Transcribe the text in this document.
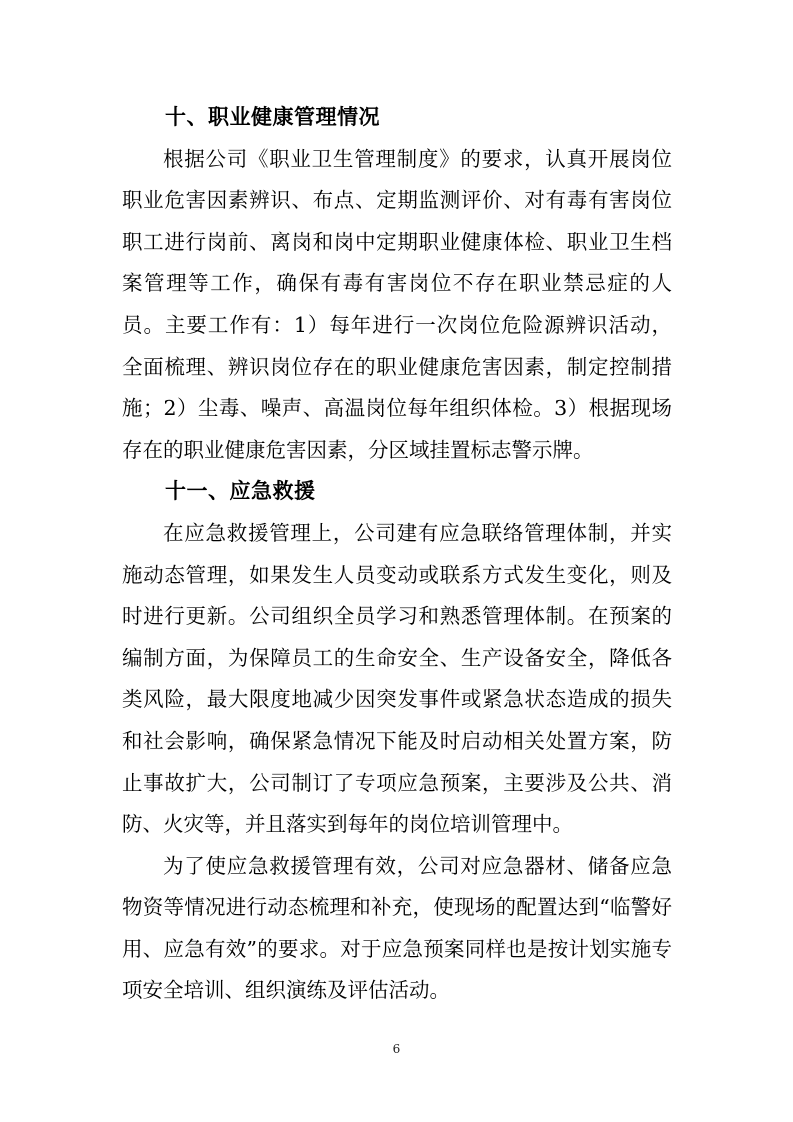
十、职业健康管理情况
根据公司《职业卫生管理制度》的要求，认真开展岗位
职业危害因素辨识、布点、定期监测评价、对有毒有害岗位
职工进行岗前、离岗和岗中定期职业健康体检、职业卫生档
案管理等工作，确保有毒有害岗位不存在职业禁忌症的人
员。主要工作有：1）每年进行一次岗位危险源辨识活动，
全面梳理、辨识岗位存在的职业健康危害因素，制定控制措
施；2）尘毒、噪声、高温岗位每年组织体检。3）根据现场
存在的职业健康危害因素，分区域挂置标志警示牌。
十一、应急救援
在应急救援管理上，公司建有应急联络管理体制，并实
施动态管理，如果发生人员变动或联系方式发生变化，则及
时进行更新。公司组织全员学习和熟悉管理体制。在预案的
编制方面，为保障员工的生命安全、生产设备安全，降低各
类风险，最大限度地减少因突发事件或紧急状态造成的损失
和社会影响，确保紧急情况下能及时启动相关处置方案，防
止事故扩大，公司制订了专项应急预案，主要涉及公共、消
防、火灾等，并且落实到每年的岗位培训管理中。
为了使应急救援管理有效，公司对应急器材、储备应急
物资等情况进行动态梳理和补充，使现场的配置达到“临警好
用、应急有效”的要求。对于应急预案同样也是按计划实施专
项安全培训、组织演练及评估活动。
6
